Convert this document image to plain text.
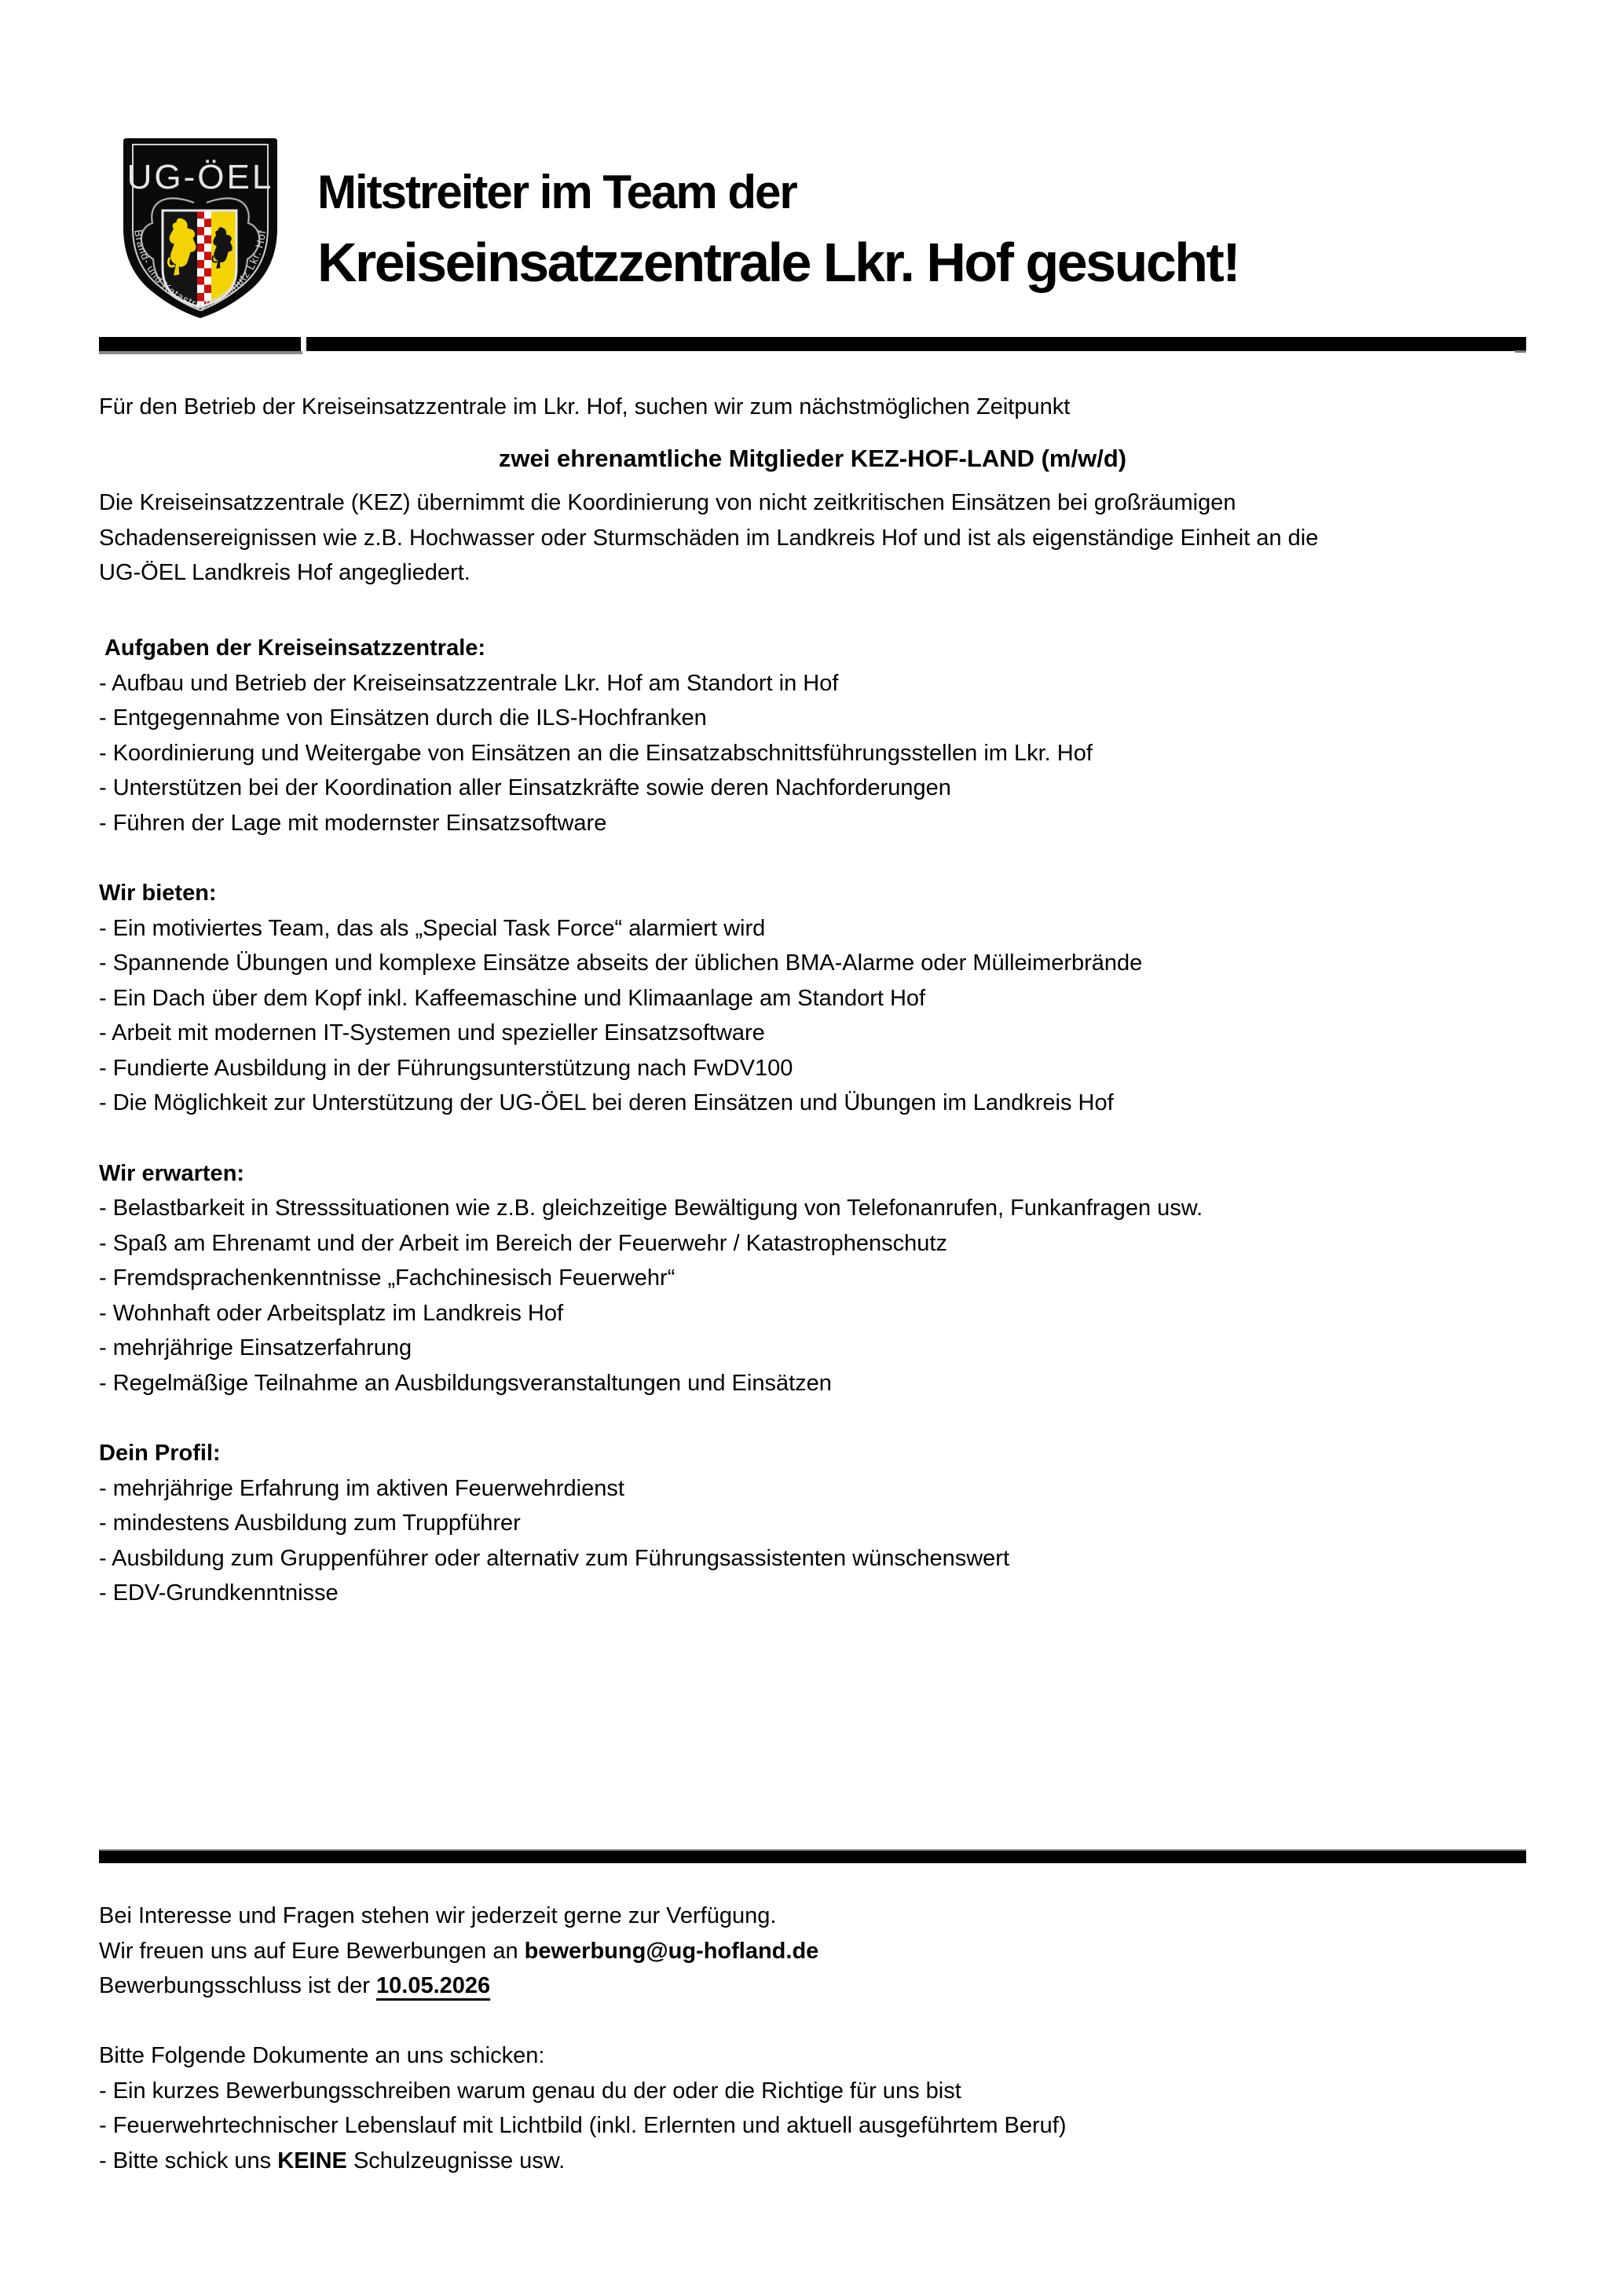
UG-ÖEL
Brand- und Katastrophenschutz Lkr. Hof
Mitstreiter im Team der
Kreiseinsatzzentrale Lkr. Hof gesucht!
Für den Betrieb der Kreiseinsatzzentrale im Lkr. Hof, suchen wir zum nächstmöglichen Zeitpunkt
zwei ehrenamtliche Mitglieder KEZ-HOF-LAND (m/w/d)
Die Kreiseinsatzzentrale (KEZ) übernimmt die Koordinierung von nicht zeitkritischen Einsätzen bei großräumigen
Schadensereignissen wie z.B. Hochwasser oder Sturmschäden im Landkreis Hof und ist als eigenständige Einheit an die
UG-ÖEL Landkreis Hof angegliedert.
Aufgaben der Kreiseinsatzzentrale:
- Aufbau und Betrieb der Kreiseinsatzzentrale Lkr. Hof am Standort in Hof
- Entgegennahme von Einsätzen durch die ILS-Hochfranken
- Koordinierung und Weitergabe von Einsätzen an die Einsatzabschnittsführungsstellen im Lkr. Hof
- Unterstützen bei der Koordination aller Einsatzkräfte sowie deren Nachforderungen
- Führen der Lage mit modernster Einsatzsoftware
Wir bieten:
- Ein motiviertes Team, das als „Special Task Force“ alarmiert wird
- Spannende Übungen und komplexe Einsätze abseits der üblichen BMA-Alarme oder Mülleimerbrände
- Ein Dach über dem Kopf inkl. Kaffeemaschine und Klimaanlage am Standort Hof
- Arbeit mit modernen IT-Systemen und spezieller Einsatzsoftware
- Fundierte Ausbildung in der Führungsunterstützung nach FwDV100
- Die Möglichkeit zur Unterstützung der UG-ÖEL bei deren Einsätzen und Übungen im Landkreis Hof
Wir erwarten:
- Belastbarkeit in Stresssituationen wie z.B. gleichzeitige Bewältigung von Telefonanrufen, Funkanfragen usw.
- Spaß am Ehrenamt und der Arbeit im Bereich der Feuerwehr / Katastrophenschutz
- Fremdsprachenkenntnisse „Fachchinesisch Feuerwehr“
- Wohnhaft oder Arbeitsplatz im Landkreis Hof
- mehrjährige Einsatzerfahrung
- Regelmäßige Teilnahme an Ausbildungsveranstaltungen und Einsätzen
Dein Profil:
- mehrjährige Erfahrung im aktiven Feuerwehrdienst
- mindestens Ausbildung zum Truppführer
- Ausbildung zum Gruppenführer oder alternativ zum Führungsassistenten wünschenswert
- EDV-Grundkenntnisse
Bei Interesse und Fragen stehen wir jederzeit gerne zur Verfügung.
Wir freuen uns auf Eure Bewerbungen an bewerbung@ug-hofland.de
Bewerbungsschluss ist der 10.05.2026
Bitte Folgende Dokumente an uns schicken:
- Ein kurzes Bewerbungsschreiben warum genau du der oder die Richtige für uns bist
- Feuerwehrtechnischer Lebenslauf mit Lichtbild (inkl. Erlernten und aktuell ausgeführtem Beruf)
- Bitte schick uns KEINE Schulzeugnisse usw.
